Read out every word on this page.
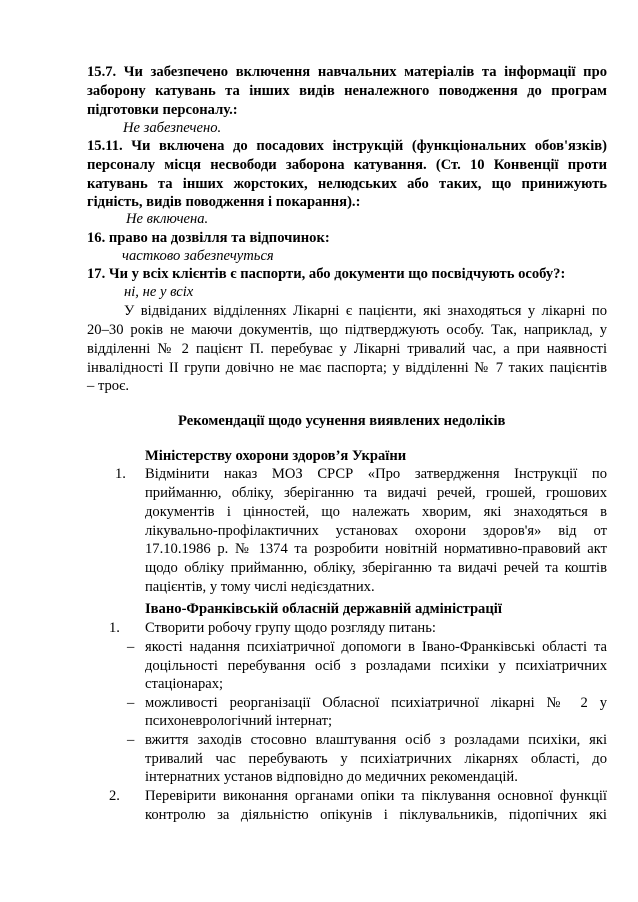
15.7. Чи забезпечено включення навчальних матеріалів та інформації про
заборону катувань та інших видів неналежного поводження до програм
підготовки персоналу.:
Не забезпечено.
15.11. Чи включена до посадових інструкцій (функціональних обов'язків)
персоналу місця несвободи заборона катування. (Ст. 10 Конвенції проти
катувань та інших жорстоких, нелюдських або таких, що принижують
гідність, видів поводження і покарання).:
Не включена.
16. право на дозвілля та відпочинок:
частково забезпечуться
17. Чи у всіх клієнтів є паспорти, або документи що посвідчують особу?:
ні, не у всіх
У відвіданих відділеннях Лікарні є пацієнти, які знаходяться у лікарні по
20–30 років не маючи документів, що підтверджують особу. Так, наприклад, у
відділенні № 2 пацієнт П. перебуває у Лікарні тривалий час, а при наявності
інвалідності ІІ групи довічно не має паспорта; у відділенні № 7 таких пацієнтів
– троє.
Рекомендації щодо усунення виявлених недоліків
Міністерству охорони здоров’я України
1. Відмінити наказ МОЗ СРСР «Про затвердження Інструкції по
прийманню, обліку, зберіганню та видачі речей, грошей, грошових
документів і цінностей, що належать хворим, які знаходяться в
лікувально-профілактичних установах охорони здоров'я» від от
17.10.1986 р. № 1374 та розробити новітній нормативно-правовий акт
щодо обліку прийманню, обліку, зберіганню та видачі речей та коштів
пацієнтів, у тому числі недієздатних.
Івано-Франківській обласній державній адміністрації
1. Створити робочу групу щодо розгляду питань:
– якості надання психіатричної допомоги в Івано-Франківські області та
доцільності перебування осіб з розладами психіки у психіатричних
стаціонарах;
– можливості реорганізації Обласної психіатричної лікарні № 2 у
психоневрологічний інтернат;
– вжиття заходів стосовно влаштування осіб з розладами психіки, які
тривалий час перебувають у психіатричних лікарнях області, до
інтернатних установ відповідно до медичних рекомендацій.
2. Перевірити виконання органами опіки та піклування основної функції
контролю за діяльністю опікунів і піклувальників, підопічних які
